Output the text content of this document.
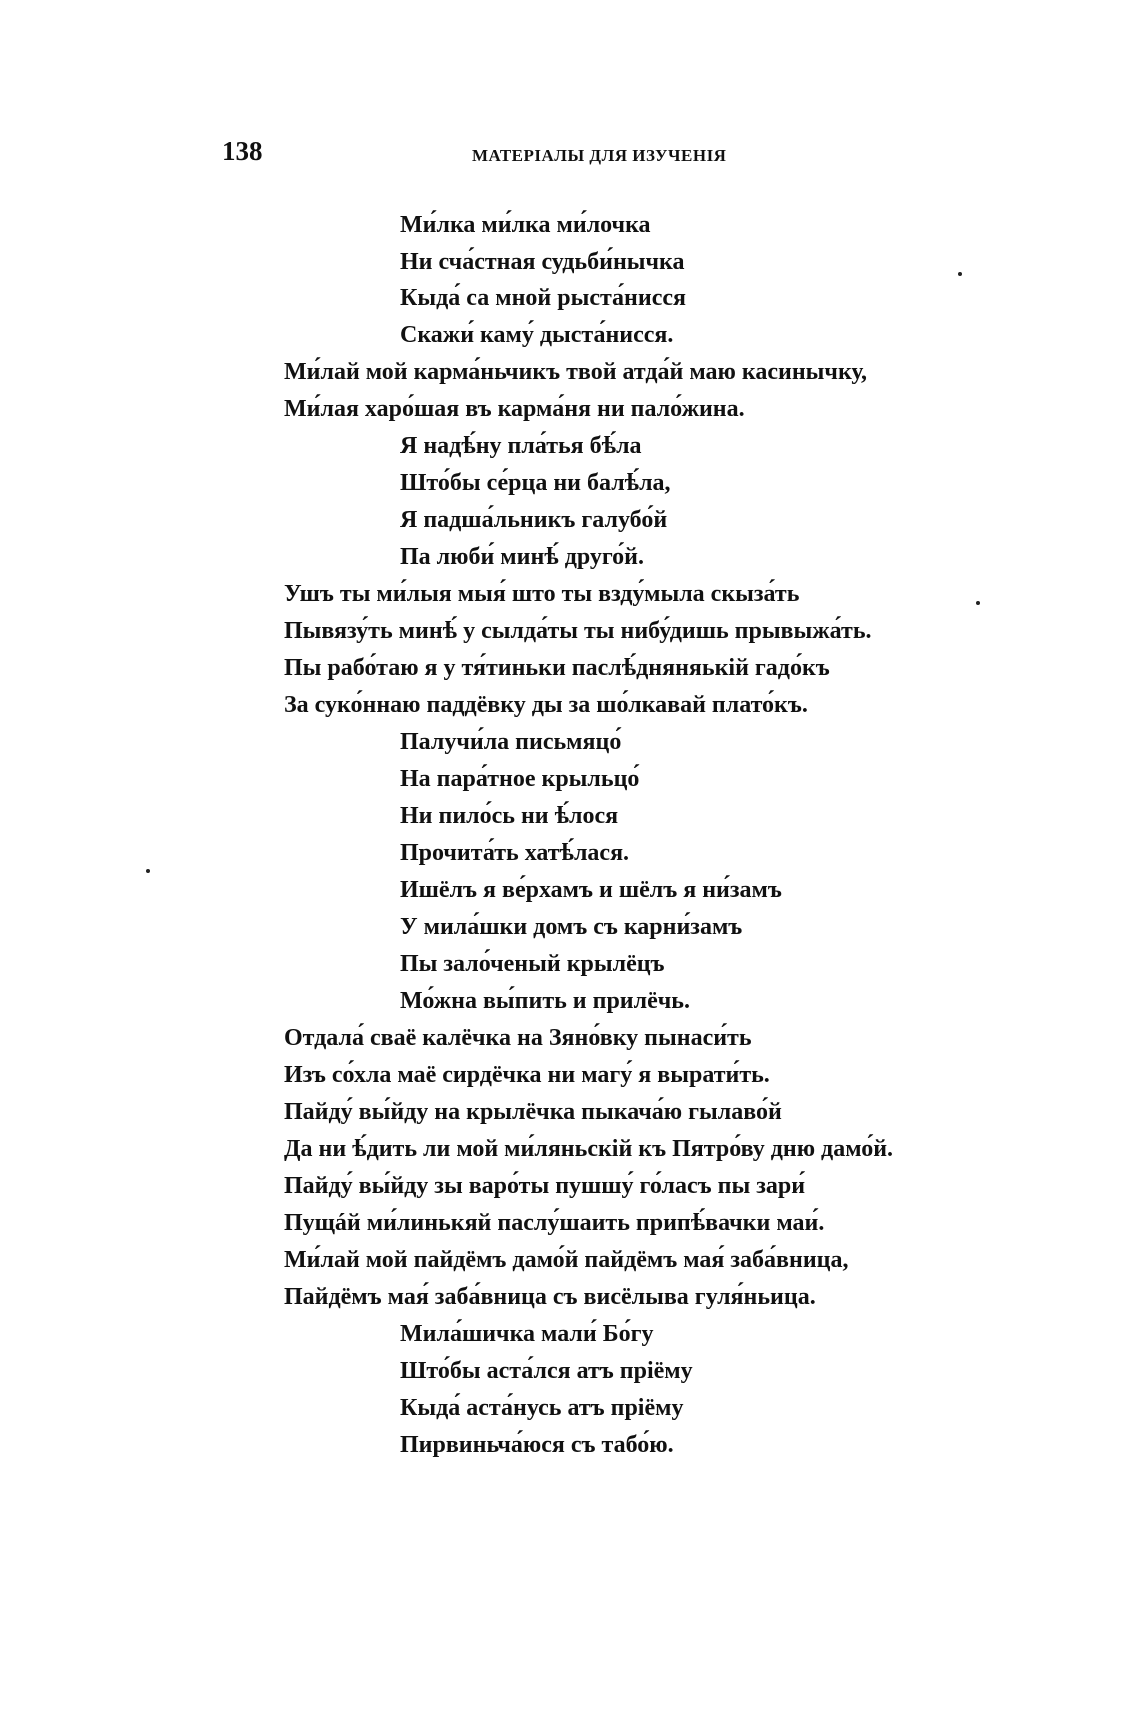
138	МАТЕРІАЛЫ ДЛЯ ИЗУЧЕНІЯ
Ми́лка ми́лка ми́лочка
Ни сча́стная судьби́нычка
Кыда́ са мной рыста́нисся
Скажи́ каму́ дыста́нисся.
Ми́лай мой карма́ньчикъ твой атда́й маю касинычку,
Ми́лая харо́шая въ карма́ня ни пало́жина.
Я надѣ́ну пла́тья бѣ́ла
Што́бы се́рца ни балѣ́ла,
Я падша́льникъ галубо́й
Па люби́ минѣ́ друго́й.
Ушъ ты ми́лыя мыя́ што ты взду́мыла скыза́ть
Пывязу́ть минѣ́ у сылда́ты ты нибу́дишь прывыжа́ть.
Пы рабо́таю я у тя́тиньки паслѣ́дняняькій гадо́къ
За суко́ннаю паддёвку ды за шо́лкавай плато́къ.
Палучи́ла письмяцо́
На пара́тное крыльцо́
Ни пило́сь ни ѣ́лося
Прочита́ть хатѣ́лася.
Ишёлъ я ве́рхамъ и шёлъ я ни́замъ
У мила́шки домъ съ карни́замъ
Пы зало́ченый крылёцъ
Мо́жна вы́пить и прилёчь.
Отдала́ сваё калёчка на Зяно́вку пынаси́ть
Изъ со́хла маё сирдёчка ни магу́ я вырати́ть.
Пайду́ вы́йду на крылёчка пыкача́ю гылаво́й
Да ни ѣ́дить ли мой ми́ляньскій къ Пятро́ву дню дамо́й.
Пайду́ вы́йду зы варо́ты пушшу́ го́ласъ пы зари́
Пущáй ми́линькяй паслу́шаить припѣ́вачки маи́.
Ми́лай мой пайдёмъ дамо́й пайдёмъ мая́ заба́вница,
Пайдёмъ мая́ заба́вница съ висёлыва гуля́ньица.
Мила́шичка мали́ Бо́гу
Што́бы аста́лся атъ пріёму
Кыда́ аста́нусь атъ пріёму
Пирвиньча́юся съ табо́ю.
